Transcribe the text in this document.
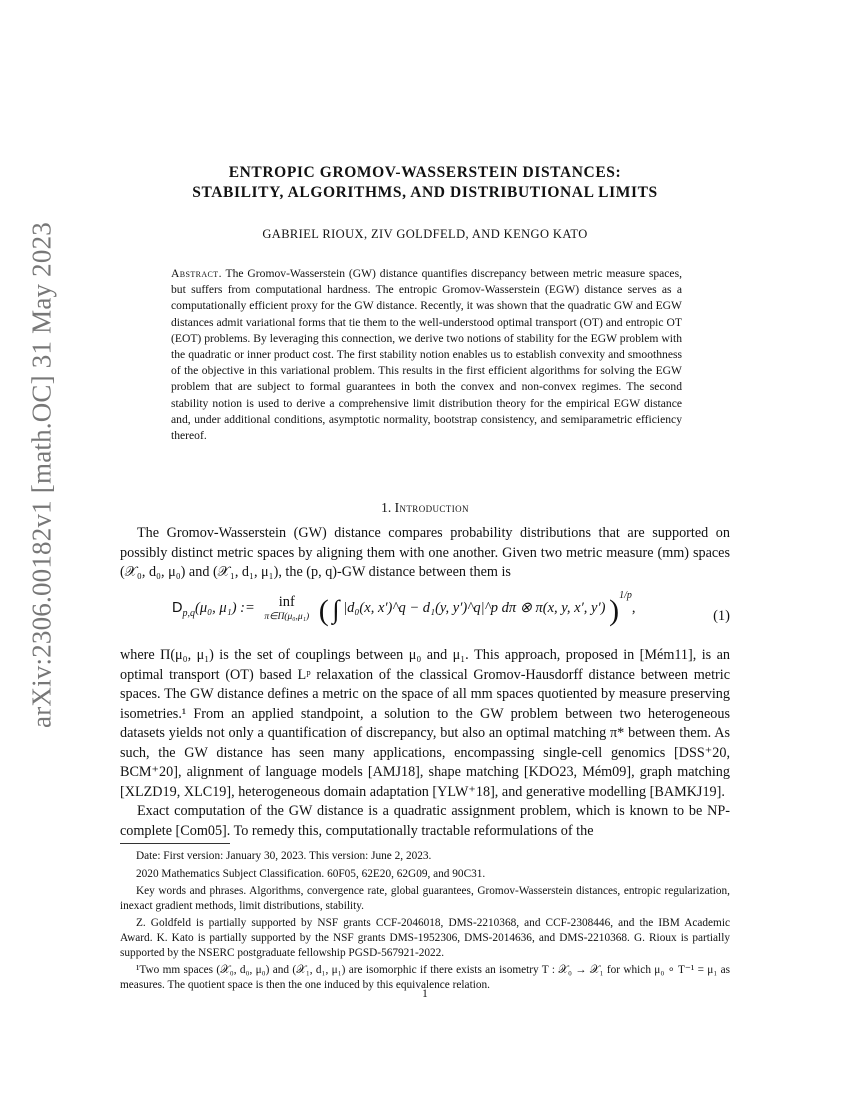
arXiv:2306.00182v1 [math.OC] 31 May 2023
ENTROPIC GROMOV-WASSERSTEIN DISTANCES:
STABILITY, ALGORITHMS, AND DISTRIBUTIONAL LIMITS
GABRIEL RIOUX, ZIV GOLDFELD, AND KENGO KATO
Abstract. The Gromov-Wasserstein (GW) distance quantifies discrepancy between metric measure spaces, but suffers from computational hardness. The entropic Gromov-Wasserstein (EGW) distance serves as a computationally efficient proxy for the GW distance. Recently, it was shown that the quadratic GW and EGW distances admit variational forms that tie them to the well-understood optimal transport (OT) and entropic OT (EOT) problems. By leveraging this connection, we derive two notions of stability for the EGW problem with the quadratic or inner product cost. The first stability notion enables us to establish convexity and smoothness of the objective in this variational problem. This results in the first efficient algorithms for solving the EGW problem that are subject to formal guarantees in both the convex and non-convex regimes. The second stability notion is used to derive a comprehensive limit distribution theory for the empirical EGW distance and, under additional conditions, asymptotic normality, bootstrap consistency, and semiparametric efficiency thereof.
1. Introduction

The Gromov-Wasserstein (GW) distance compares probability distributions that are supported on possibly distinct metric spaces by aligning them with one another. Given two metric measure (mm) spaces (𝒳₀, d₀, μ₀) and (𝒳₁, d₁, μ₁), the (p, q)-GW distance between them is

$D_{p,q}(\mu_0$, μ₁) :=	inf
π∈Π(μ₀,μ₁) ( ∫ |d₀(x, x′)^q − d₁(y, y′)^q|^p dπ ⊗ π(x, y, x′, y′) )$^{1/p}$,	(1)

where Π(μ₀, μ₁) is the set of couplings between μ₀ and μ₁. This approach, proposed in [Mém11], is an optimal transport (OT) based Lᵖ relaxation of the classical Gromov-Hausdorff distance between metric spaces. The GW distance defines a metric on the space of all mm spaces quotiented by measure preserving isometries.¹ From an applied standpoint, a solution to the GW problem between two heterogeneous datasets yields not only a quantification of discrepancy, but also an optimal matching π* between them. As such, the GW distance has seen many applications, encompassing single-cell genomics [DSS⁺20, BCM⁺20], alignment of language models [AMJ18], shape matching [KDO23, Mém09], graph matching [XLZD19, XLC19], heterogeneous domain adaptation [YLW⁺18], and generative modelling [BAMKJ19].

Exact computation of the GW distance is a quadratic assignment problem, which is known to be NP-complete [Com05]. To remedy this, computationally tractable reformulations of the

Date: First version: January 30, 2023. This version: June 2, 2023.

2020 Mathematics Subject Classification. 60F05, 62E20, 62G09, and 90C31.

Key words and phrases. Algorithms, convergence rate, global guarantees, Gromov-Wasserstein distances, entropic regularization, inexact gradient methods, limit distributions, stability.

Z. Goldfeld is partially supported by NSF grants CCF-2046018, DMS-2210368, and CCF-2308446, and the IBM Academic Award. K. Kato is partially supported by the NSF grants DMS-1952306, DMS-2014636, and DMS-2210368. G. Rioux is partially supported by the NSERC postgraduate fellowship PGSD-567921-2022.

¹Two mm spaces (𝒳₀, d₀, μ₀) and (𝒳₁, d₁, μ₁) are isomorphic if there exists an isometry T : 𝒳₀ → 𝒳₁ for which μ₀ ∘ T⁻¹ = μ₁ as measures. The quotient space is then the one induced by this equivalence relation.

1
